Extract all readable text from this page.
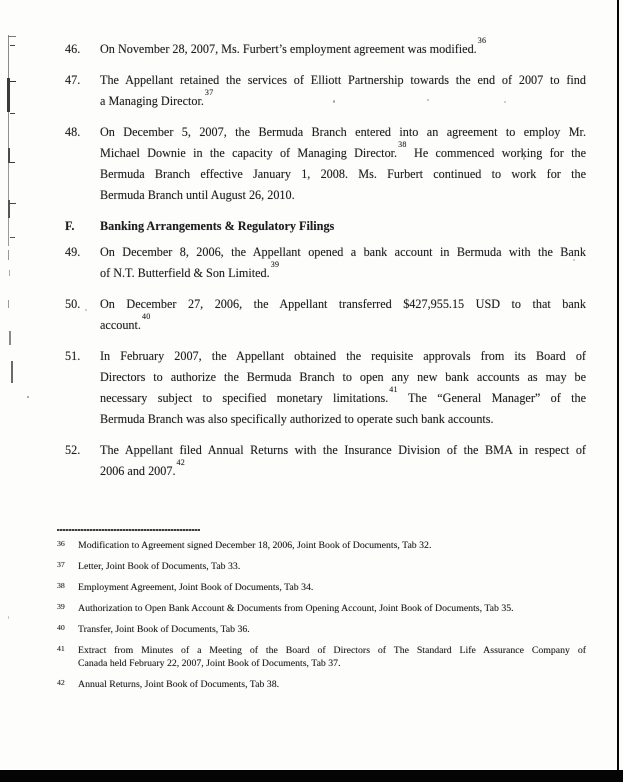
46.	On November 28, 2007, Ms. Furbert’s employment agreement was modified.$^{36}$
47.	The Appellant retained the services of Elliott Partnership towards the end of 2007 to find
a Managing Director.$^{37}$
48.	On December 5, 2007, the Bermuda Branch entered into an agreement to employ Mr.
Michael Downie in the capacity of Managing Director.$^{38}$ He commenced working for the
Bermuda Branch effective January 1, 2008. Ms. Furbert continued to work for the
Bermuda Branch until August 26, 2010.
F.	Banking Arrangements & Regulatory Filings
49.	On December 8, 2006, the Appellant opened a bank account in Bermuda with the Bank
of N.T. Butterfield & Son Limited.$^{39}$
50.	On December 27, 2006, the Appellant transferred $427,955.15 USD to that bank
account.$^{40}$
51.	In February 2007, the Appellant obtained the requisite approvals from its Board of
Directors to authorize the Bermuda Branch to open any new bank accounts as may be
necessary subject to specified monetary limitations.$^{41}$ The “General Manager” of the
Bermuda Branch was also specifically authorized to operate such bank accounts.
52.	The Appellant filed Annual Returns with the Insurance Division of the BMA in respect of
2006 and 2007.42
36	Modification to Agreement signed December 18, 2006, Joint Book of Documents, Tab 32.
37	Letter, Joint Book of Documents, Tab 33.
38	Employment Agreement, Joint Book of Documents, Tab 34.
39	Authorization to Open Bank Account & Documents from Opening Account, Joint Book of Documents, Tab 35.
40	Transfer, Joint Book of Documents, Tab 36.
41	Extract from Minutes of a Meeting of the Board of Directors of The Standard Life Assurance Company of
Canada held February 22, 2007, Joint Book of Documents, Tab 37.
42	Annual Returns, Joint Book of Documents, Tab 38.
